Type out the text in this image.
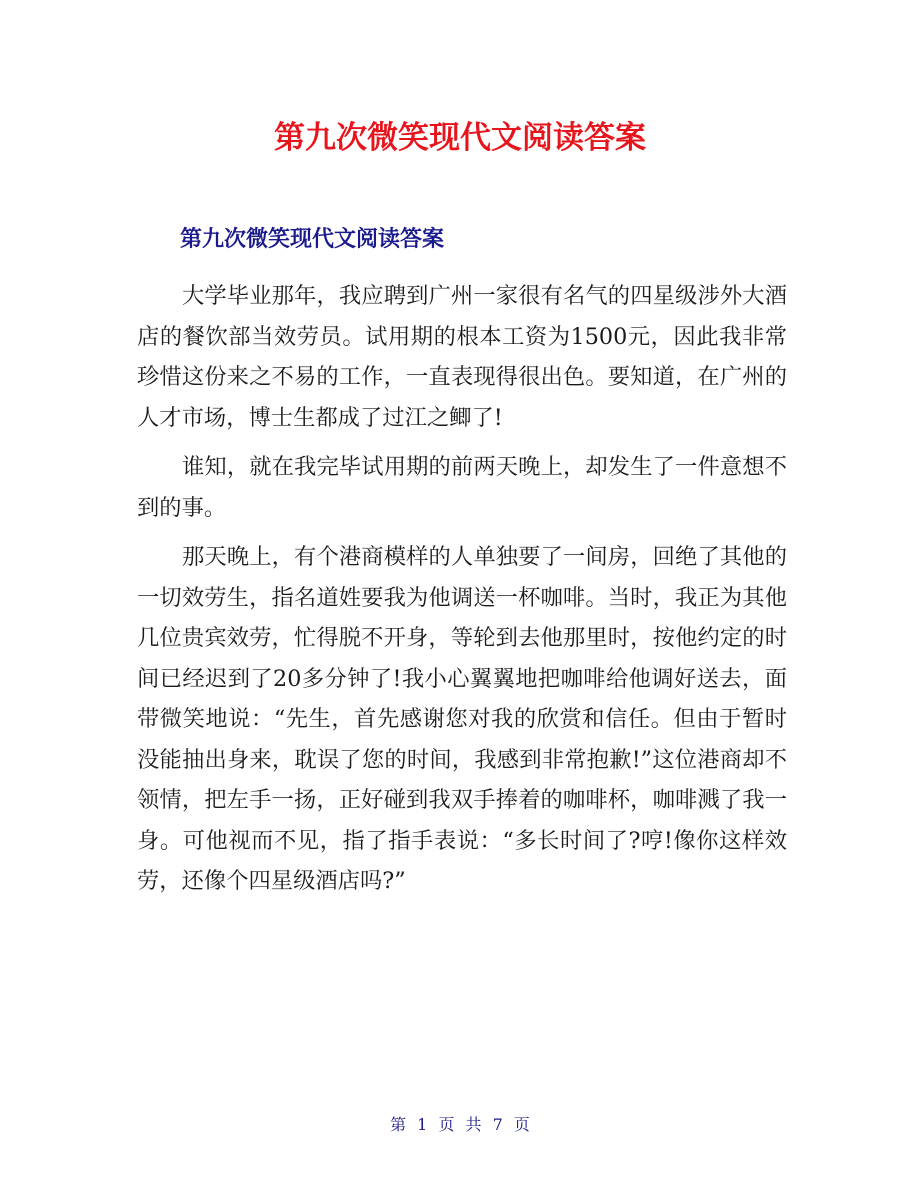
第九次微笑现代文阅读答案
第九次微笑现代文阅读答案

大学毕业那年，我应聘到广州一家很有名气的四星级涉外大酒店的餐饮部当效劳员。试用期的根本工资为1500元，因此我非常珍惜这份来之不易的工作，一直表现得很出色。要知道，在广州的人才市场，博士生都成了过江之鲫了!

谁知，就在我完毕试用期的前两天晚上，却发生了一件意想不到的事。

那天晚上，有个港商模样的人单独要了一间房，回绝了其他的一切效劳生，指名道姓要我为他调送一杯咖啡。当时，我正为其他几位贵宾效劳，忙得脱不开身，等轮到去他那里时，按他约定的时间已经迟到了20多分钟了!我小心翼翼地把咖啡给他调好送去，面带微笑地说：“先生，首先感谢您对我的欣赏和信任。但由于暂时没能抽出身来，耽误了您的时间，我感到非常抱歉!”这位港商却不领情，把左手一扬，正好碰到我双手捧着的咖啡杯，咖啡溅了我一身。可他视而不见，指了指手表说：“多长时间了?哼!像你这样效劳，还像个四星级酒店吗?”

第 1 页 共 7 页
